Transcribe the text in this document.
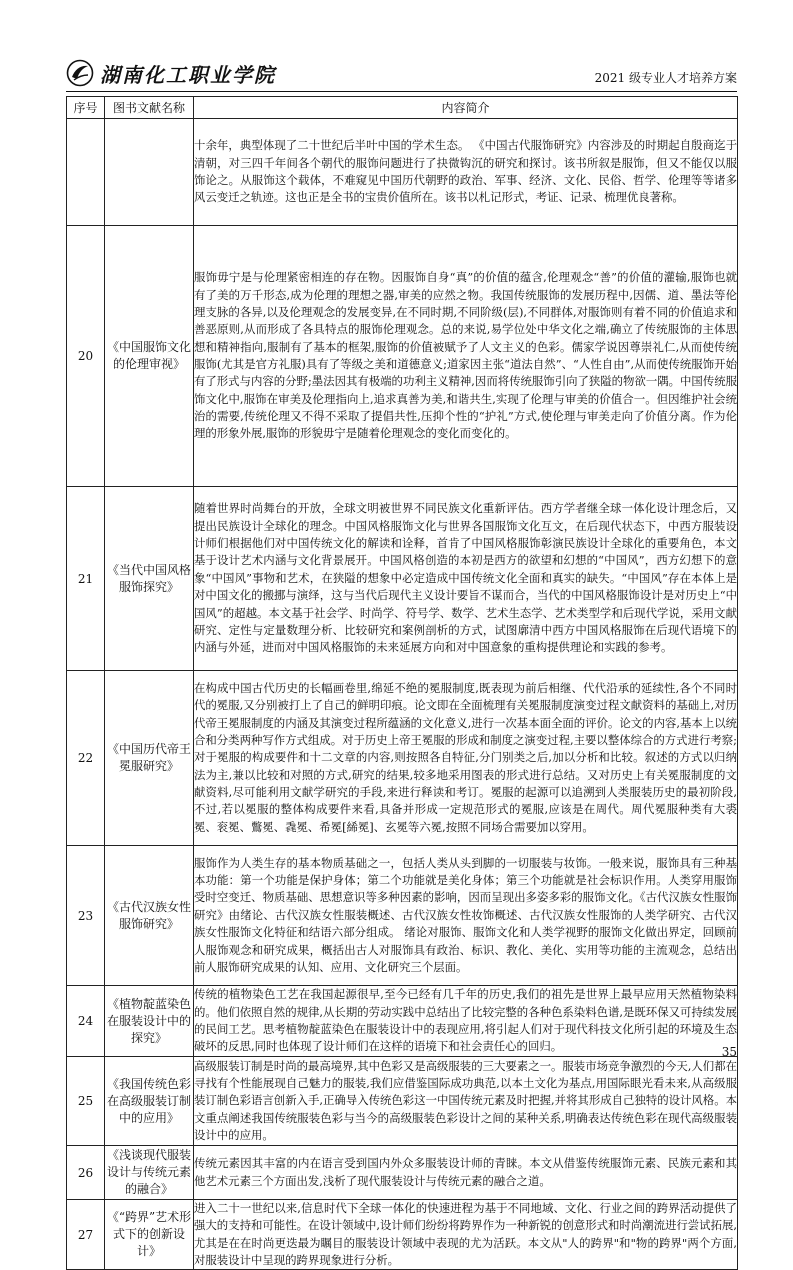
湖南化工职业学院	2021 级专业人才培养方案
序号	图书文献名称	内容简介
		十余年，典型体现了二十世纪后半叶中国的学术生态。 《中国古代服饰研究》内容涉及的时期起自殷商迄于清朝，对三四千年间各个朝代的服饰问题进行了抉微钩沉的研究和探讨。该书所叙是服饰，但又不能仅以服饰论之。从服饰这个载体，不难窥见中国历代朝野的政治、军事、经济、文化、民俗、哲学、伦理等等诸多风云变迁之轨迹。这也正是全书的宝贵价值所在。该书以札记形式，考证、记录、梳理优良著称。
20	《中国服饰文化的伦理审视》	服饰毋宁是与伦理紧密相连的存在物。因服饰自身“真”的价值的蕴含,伦理观念“善”的价值的灌输,服饰也就有了美的万千形态,成为伦理的理想之器,审美的应然之物。我国传统服饰的发展历程中,因儒、道、墨法等伦理支脉的各异,以及伦理观念的发展变异,在不同时期,不同阶级(层),不同群体,对服饰则有着不同的价值追求和善恶原则,从而形成了各具特点的服饰伦理观念。总的来说,易学位处中华文化之端,确立了传统服饰的主体思想和精神指向,服制有了基本的框架,服饰的价值被赋予了人文主义的色彩。儒家学说因尊崇礼仁,从而使传统服饰(尤其是官方礼服)具有了等级之美和道德意义;道家因主张“道法自然”、“人性自由”,从而使传统服饰开始有了形式与内容的分野;墨法因其有极端的功利主义精神,因而将传统服饰引向了狭隘的物欲一隅。中国传统服饰文化中,服饰在审美及伦理指向上,追求真善为美,和谐共生,实现了伦理与审美的价值合一。但因维护社会统治的需要,传统伦理又不得不采取了提倡共性,压抑个性的“护礼”方式,使伦理与审美走向了价值分离。作为伦理的形象外展,服饰的形貌毋宁是随着伦理观念的变化而变化的。
21	《当代中国风格服饰探究》	随着世界时尚舞台的开放，全球文明被世界不同民族文化重新评估。西方学者继全球一体化设计理念后，又提出民族设计全球化的理念。中国风格服饰文化与世界各国服饰文化互文，在后现代状态下，中西方服装设计师们根据他们对中国传统文化的解读和诠释，首肯了中国风格服饰彰演民族设计全球化的重要角色，本文基于设计艺术内涵与文化背景展开。中国风格创造的本初是西方的欲望和幻想的“中国风”，西方幻想下的意象“中国风”事物和艺术，在狭隘的想象中必定造成中国传统文化全面和真实的缺失。“中国风”存在本体上是对中国文化的搬挪与演绎，这与当代后现代主义设计要旨不谋而合，当代的中国风格服饰设计是对历史上“中国风”的超越。本文基于社会学、时尚学、符号学、数学、艺术生态学、艺术类型学和后现代学说，采用文献研究、定性与定量数理分析、比较研究和案例剖析的方式，试图廓清中西方中国风格服饰在后现代语境下的内涵与外延，进而对中国风格服饰的未来延展方向和对中国意象的重构提供理论和实践的参考。
22	《中国历代帝王冕服研究》	在构成中国古代历史的长幅画卷里,绵延不绝的冕服制度,既表现为前后相继、代代沿承的延续性,各个不同时代的冕服,又分别被打上了自己的鲜明印痕。论文即在全面梳理有关冕服制度演变过程文献资料的基础上,对历代帝王冕服制度的内涵及其演变过程所蕴涵的文化意义,进行一次基本面全面的评价。论文的内容,基本上以统合和分类两种写作方式组成。对于历史上帝王冕服的形成和制度之演变过程,主要以整体综合的方式进行考察;对于冕服的构成要件和十二文章的内容,则按照各自特征,分门别类之后,加以分析和比较。叙述的方式以归纳法为主,兼以比较和对照的方式,研究的结果,较多地采用图表的形式进行总结。又对历史上有关冕服制度的文献资料,尽可能利用文献学研究的手段,来进行释读和考订。冕服的起源可以追溯到人类服装历史的最初阶段,不过,若以冕服的整体构成要件来看,具备并形成一定规范形式的冕服,应该是在周代。周代冕服种类有大裘冕、衮冕、鷩冕、毳冕、希冕[絺冕]、玄冕等六冕,按照不同场合需要加以穿用。
23	《古代汉族女性服饰研究》	服饰作为人类生存的基本物质基础之一，包括人类从头到脚的一切服装与妆饰。一般来说，服饰具有三种基本功能：第一个功能是保护身体；第二个功能就是美化身体；第三个功能就是社会标识作用。人类穿用服饰受时空变迁、物质基础、思想意识等多种因素的影响，因而呈现出多姿多彩的服饰文化。《古代汉族女性服饰研究》由绪论、古代汉族女性服装概述、古代汉族女性妆饰概述、古代汉族女性服饰的人类学研究、古代汉族女性服饰文化特征和结语六部分组成。 绪论对服饰、服饰文化和人类学视野的服饰文化做出界定，回顾前人服饰观念和研究成果，概括出古人对服饰具有政治、标识、教化、美化、实用等功能的主流观念，总结出前人服饰研究成果的认知、应用、文化研究三个层面。
24	《植物靛蓝染色在服装设计中的探究》	传统的植物染色工艺在我国起源很早,至今已经有几千年的历史,我们的祖先是世界上最早应用天然植物染料的。他们依照自然的规律,从长期的劳动实践中总结出了比较完整的各种色系染料色谱,是既环保又可持续发展的民间工艺。思考植物靛蓝染色在服装设计中的表现应用,将引起人们对于现代科技文化所引起的环境及生态破坏的反思,同时也体现了设计师们在这样的语境下和社会责任心的回归。
25	《我国传统色彩在高级服装订制中的应用》	高级服装订制是时尚的最高境界,其中色彩又是高级服装的三大要素之一。服装市场竞争激烈的今天,人们都在寻找有个性能展现自己魅力的服装,我们应借鉴国际成功典范,以本土文化为基点,用国际眼光看未来,从高级服装订制色彩语言创新入手,正确导入传统色彩这一中国传统元素及时把握,并将其形成自己独特的设计风格。本文重点阐述我国传统服装色彩与当今的高级服装色彩设计之间的某种关系,明确表达传统色彩在现代高级服装设计中的应用。
26	《浅谈现代服装设计与传统元素的融合》	传统元素因其丰富的内在语言受到国内外众多服装设计师的青睐。本文从借鉴传统服饰元素、民族元素和其他艺术元素三个方面出发,浅析了现代服装设计与传统元素的融合之道。
27	《“跨界”艺术形式下的创新设计》	进入二十一世纪以来,信息时代下全球一体化的快速进程为基于不同地域、文化、行业之间的跨界活动提供了强大的支持和可能性。在设计领域中,设计师们纷纷将跨界作为一种新锐的创意形式和时尚潮流进行尝试拓展,尤其是在在时尚更迭最为瞩目的服装设计领域中表现的尤为活跃。本文从"人的跨界"和"物的跨界"两个方面,对服装设计中呈现的跨界现象进行分析。
35
